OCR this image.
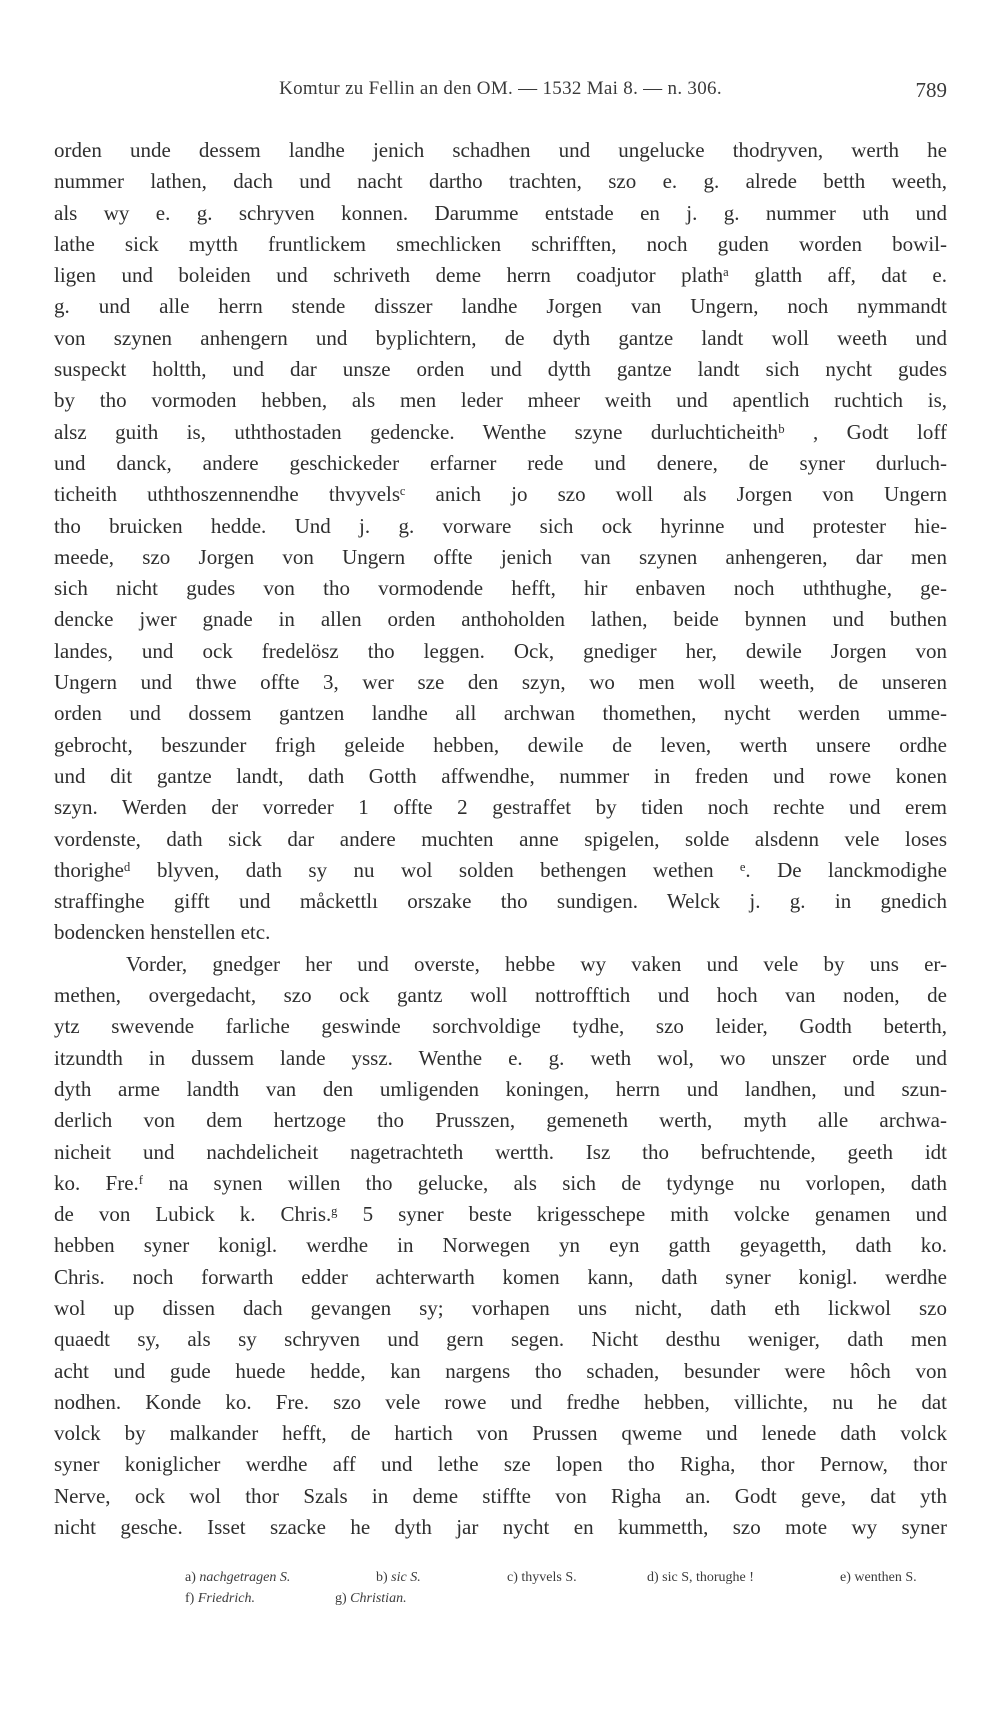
Komtur zu Fellin an den OM. — 1532 Mai 8. — n. 306.	789
orden unde dessem landhe jenich schadhen und ungelucke thodryven, werth he
nummer lathen, dach und nacht dartho trachten, szo e. g. alrede betth weeth,
als wy e. g. schryven konnen. Darumme entstade en j. g. nummer uth und
lathe sick mytth fruntlickem smechlicken schrifften, noch guden worden bowil-
ligen und boleiden und schriveth deme herrn coadjutor plathᵃ glatth aff, dat e.
g. und alle herrn stende disszer landhe Jorgen van Ungern, noch nymmandt
von szynen anhengern und byplichtern, de dyth gantze landt woll weeth und
suspeckt holtth, und dar unsze orden und dytth gantze landt sich nycht gudes
by tho vormoden hebben, als men leder mheer weith und apentlich ruchtich is,
alsz guith is, uththostaden gedencke. Wenthe szyne durluchticheithᵇ , Godt loff
und danck, andere geschickeder erfarner rede und denere, de syner durluch-
ticheith uththoszennendhe thvyvelsᶜ anich jo szo woll als Jorgen von Ungern
tho bruicken hedde. Und j. g. vorware sich ock hyrinne und protester hie-
meede, szo Jorgen von Ungern offte jenich van szynen anhengeren, dar men
sich nicht gudes von tho vormodende hefft, hir enbaven noch uththughe, ge-
dencke jwer gnade in allen orden anthoholden lathen, beide bynnen und buthen
landes, und ock fredelösz tho leggen. Ock, gnediger her, dewile Jorgen von
Ungern und thwe offte 3, wer sze den szyn, wo men woll weeth, de unseren
orden und dossem gantzen landhe all archwan thomethen, nycht werden umme-
gebrocht, beszunder frigh geleide hebben, dewile de leven, werth unsere ordhe
und dit gantze landt, dath Gotth affwendhe, nummer in freden und rowe konen
szyn. Werden der vorreder 1 offte 2 gestraffet by tiden noch rechte und erem
vordenste, dath sick dar andere muchten anne spigelen, solde alsdenn vele loses
thorigheᵈ blyven, dath sy nu wol solden bethengen wethen ᵉ. De lanckmodighe
straffinghe gifft und måckettlı orszake tho sundigen. Welck j. g. in gnedich
bodencken henstellen etc.
Vorder, gnedger her und overste, hebbe wy vaken und vele by uns er-
methen, overgedacht, szo ock gantz woll nottrofftich und hoch van noden, de
ytz swevende farliche geswinde sorchvoldige tydhe, szo leider, Godth beterth,
itzundth in dussem lande yssz. Wenthe e. g. weth wol, wo unszer orde und
dyth arme landth van den umligenden koningen, herrn und landhen, und szun-
derlich von dem hertzoge tho Prusszen, gemeneth werth, myth alle archwa-
nicheit und nachdelicheit nagetrachteth wertth. Isz tho befruchtende, geeth idt
ko. Fre.ᶠ na synen willen tho gelucke, als sich de tydynge nu vorlopen, dath
de von Lubick k. Chris.ᵍ 5 syner beste krigesschepe mith volcke genamen und
hebben syner konigl. werdhe in Norwegen yn eyn gatth geyagetth, dath ko.
Chris. noch forwarth edder achterwarth komen kann, dath syner konigl. werdhe
wol up dissen dach gevangen sy; vorhapen uns nicht, dath eth lickwol szo
quaedt sy, als sy schryven und gern segen. Nicht desthu weniger, dath men
acht und gude huede hedde, kan nargens tho schaden, besunder were hôch von
nodhen. Konde ko. Fre. szo vele rowe und fredhe hebben, villichte, nu he dat
volck by malkander hefft, de hartich von Prussen qweme und lenede dath volck
syner koniglicher werdhe aff und lethe sze lopen tho Righa, thor Pernow, thor
Nerve, ock wol thor Szals in deme stiffte von Righa an. Godt geve, dat yth
nicht gesche. Isset szacke he dyth jar nycht en kummetth, szo mote wy syner
a) nachgetragen S.	b) sic S.	c) thyvels S.	d) sic S, thorughe !	e) wenthen S.
f) Friedrich.	g) Christian.
